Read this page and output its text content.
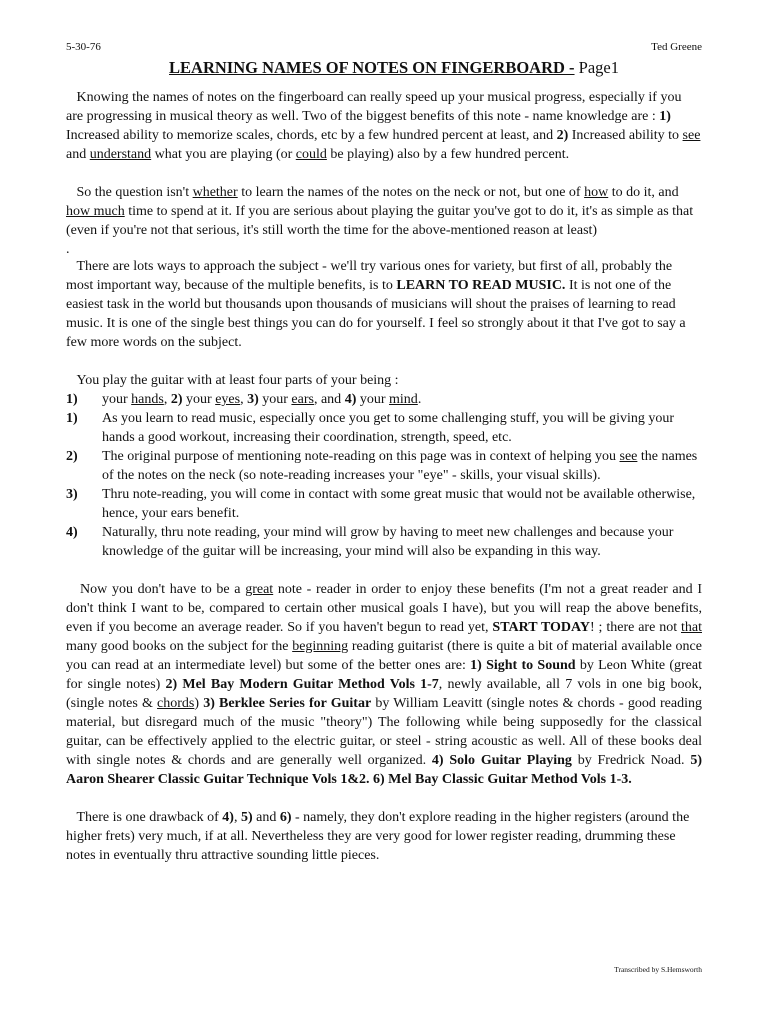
5-30-76	Ted Greene
LEARNING NAMES OF NOTES ON FINGERBOARD - Page1

Knowing the names of notes on the fingerboard can really speed up your musical progress, especially if you are progressing in musical theory as well. Two of the biggest benefits of this note - name knowledge are : 1) Increased ability to memorize scales, chords, etc by a few hundred percent at least, and 2) Increased ability to see and understand what you are playing (or could be playing) also by a few hundred percent.

So the question isn't whether to learn the names of the notes on the neck or not, but one of how to do it, and how much time to spend at it. If you are serious about playing the guitar you've got to do it, it's as simple as that (even if you're not that serious, it's still worth the time for the above-mentioned reason at least)

.

There are lots ways to approach the subject - we'll try various ones for variety, but first of all, probably the most important way, because of the multiple benefits, is to LEARN TO READ MUSIC. It is not one of the easiest task in the world but thousands upon thousands of musicians will shout the praises of learning to read music. It is one of the single best things you can do for yourself. I feel so strongly about it that I've got to say a few more words on the subject.

You play the guitar with at least four parts of your being :

1)	your hands, 2) your eyes, 3) your ears, and 4) your mind.
1)	As you learn to read music, especially once you get to some challenging stuff, you will be giving your hands a good workout, increasing their coordination, strength, speed, etc.
2)	The original purpose of mentioning note-reading on this page was in context of helping you see the names of the notes on the neck (so note-reading increases your "eye" - skills, your visual skills).
3)	Thru note-reading, you will come in contact with some great music that would not be available otherwise, hence, your ears benefit.
4)	Naturally, thru note reading, your mind will grow by having to meet new challenges and because your knowledge of the guitar will be increasing, your mind will also be expanding in this way.

Now you don't have to be a great note - reader in order to enjoy these benefits (I'm not a great reader and I don't think I want to be, compared to certain other musical goals I have), but you will reap the above benefits, even if you become an average reader. So if you haven't begun to read yet, START TODAY! ; there are not that many good books on the subject for the beginning reading guitarist (there is quite a bit of material available once you can read at an intermediate level) but some of the better ones are: 1) Sight to Sound by Leon White (great for single notes) 2) Mel Bay Modern Guitar Method Vols 1-7, newly available, all 7 vols in one big book, (single notes & chords) 3) Berklee Series for Guitar by William Leavitt (single notes & chords - good reading material, but disregard much of the music "theory") The following while being supposedly for the classical guitar, can be effectively applied to the electric guitar, or steel - string acoustic as well. All of these books deal with single notes & chords and are generally well organized. 4) Solo Guitar Playing by Fredrick Noad. 5) Aaron Shearer Classic Guitar Technique Vols 1&2. 6) Mel Bay Classic Guitar Method Vols 1-3.

There is one drawback of 4), 5) and 6) - namely, they don't explore reading in the higher registers (around the higher frets) very much, if at all. Nevertheless they are very good for lower register reading, drumming these notes in eventually thru attractive sounding little pieces.

Transcribed by S.Hemsworth
